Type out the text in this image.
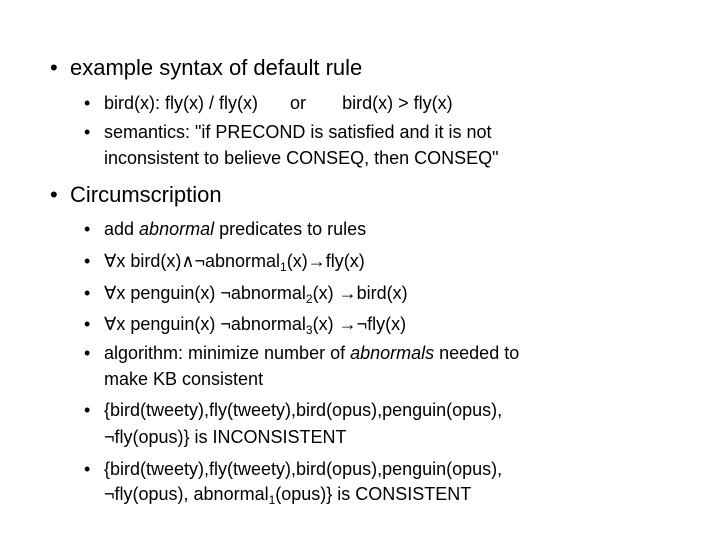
• example syntax of default rule
• bird(x): fly(x) / fly(x) or bird(x) > fly(x)
• semantics: "if PRECOND is satisfied and it is not
inconsistent to believe CONSEQ, then CONSEQ"
• Circumscription
• add abnormal predicates to rules
• ∀x bird(x)∧¬abnormal$_1$(x)→fly(x)
• ∀x penguin(x) ¬abnormal$_2$(x) →bird(x)
• ∀x penguin(x) ¬abnormal$_3$(x) →¬fly(x)
• algorithm: minimize number of abnormals needed to
make KB consistent
• {bird(tweety),fly(tweety),bird(opus),penguin(opus),
¬fly(opus)} is INCONSISTENT
• {bird(tweety),fly(tweety),bird(opus),penguin(opus),
¬fly(opus), abnormal$_1$(opus)} is CONSISTENT
